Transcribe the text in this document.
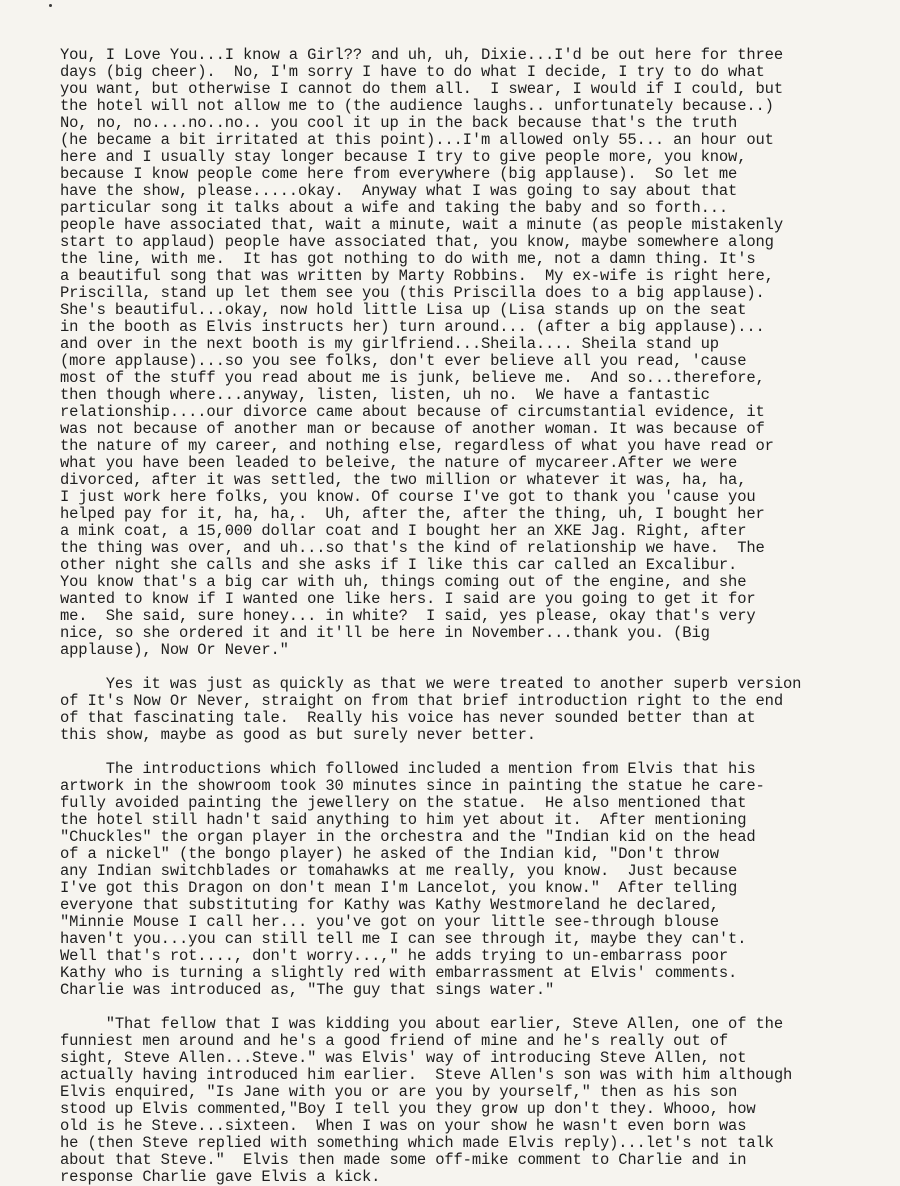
You, I Love You...I know a Girl?? and uh, uh, Dixie...I'd be out here for three
days (big cheer).  No, I'm sorry I have to do what I decide, I try to do what
you want, but otherwise I cannot do them all.  I swear, I would if I could, but
the hotel will not allow me to (the audience laughs.. unfortunately because..)
No, no, no....no..no.. you cool it up in the back because that's the truth
(he became a bit irritated at this point)...I'm allowed only 55... an hour out
here and I usually stay longer because I try to give people more, you know,
because I know people come here from everywhere (big applause).  So let me
have the show, please.....okay.  Anyway what I was going to say about that
particular song it talks about a wife and taking the baby and so forth...
people have associated that, wait a minute, wait a minute (as people mistakenly
start to applaud) people have associated that, you know, maybe somewhere along
the line, with me.  It has got nothing to do with me, not a damn thing. It's
a beautiful song that was written by Marty Robbins.  My ex-wife is right here,
Priscilla, stand up let them see you (this Priscilla does to a big applause).
She's beautiful...okay, now hold little Lisa up (Lisa stands up on the seat
in the booth as Elvis instructs her) turn around... (after a big applause)...
and over in the next booth is my girlfriend...Sheila.... Sheila stand up
(more applause)...so you see folks, don't ever believe all you read, 'cause
most of the stuff you read about me is junk, believe me.  And so...therefore,
then though where...anyway, listen, listen, uh no.  We have a fantastic
relationship....our divorce came about because of circumstantial evidence, it
was not because of another man or because of another woman. It was because of
the nature of my career, and nothing else, regardless of what you have read or
what you have been leaded to beleive, the nature of mycareer.After we were
divorced, after it was settled, the two million or whatever it was, ha, ha,
I just work here folks, you know. Of course I've got to thank you 'cause you
helped pay for it, ha, ha,.  Uh, after the, after the thing, uh, I bought her
a mink coat, a 15,000 dollar coat and I bought her an XKE Jag. Right, after
the thing was over, and uh...so that's the kind of relationship we have.  The
other night she calls and she asks if I like this car called an Excalibur.
You know that's a big car with uh, things coming out of the engine, and she
wanted to know if I wanted one like hers. I said are you going to get it for
me.  She said, sure honey... in white?  I said, yes please, okay that's very
nice, so she ordered it and it'll be here in November...thank you. (Big
applause), Now Or Never."
Yes it was just as quickly as that we were treated to another superb version
of It's Now Or Never, straight on from that brief introduction right to the end
of that fascinating tale.  Really his voice has never sounded better than at
this show, maybe as good as but surely never better.
The introductions which followed included a mention from Elvis that his
artwork in the showroom took 30 minutes since in painting the statue he care-
fully avoided painting the jewellery on the statue.  He also mentioned that
the hotel still hadn't said anything to him yet about it.  After mentioning
"Chuckles" the organ player in the orchestra and the "Indian kid on the head
of a nickel" (the bongo player) he asked of the Indian kid, "Don't throw
any Indian switchblades or tomahawks at me really, you know.  Just because
I've got this Dragon on don't mean I'm Lancelot, you know."  After telling
everyone that substituting for Kathy was Kathy Westmoreland he declared,
"Minnie Mouse I call her... you've got on your little see-through blouse
haven't you...you can still tell me I can see through it, maybe they can't.
Well that's rot...., don't worry...," he adds trying to un-embarrass poor
Kathy who is turning a slightly red with embarrassment at Elvis' comments.
Charlie was introduced as, "The guy that sings water."
"That fellow that I was kidding you about earlier, Steve Allen, one of the
funniest men around and he's a good friend of mine and he's really out of
sight, Steve Allen...Steve." was Elvis' way of introducing Steve Allen, not
actually having introduced him earlier.  Steve Allen's son was with him although
Elvis enquired, "Is Jane with you or are you by yourself," then as his son
stood up Elvis commented,"Boy I tell you they grow up don't they. Whooo, how
old is he Steve...sixteen.  When I was on your show he wasn't even born was
he (then Steve replied with something which made Elvis reply)...let's not talk
about that Steve."  Elvis then made some off-mike comment to Charlie and in
response Charlie gave Elvis a kick.
